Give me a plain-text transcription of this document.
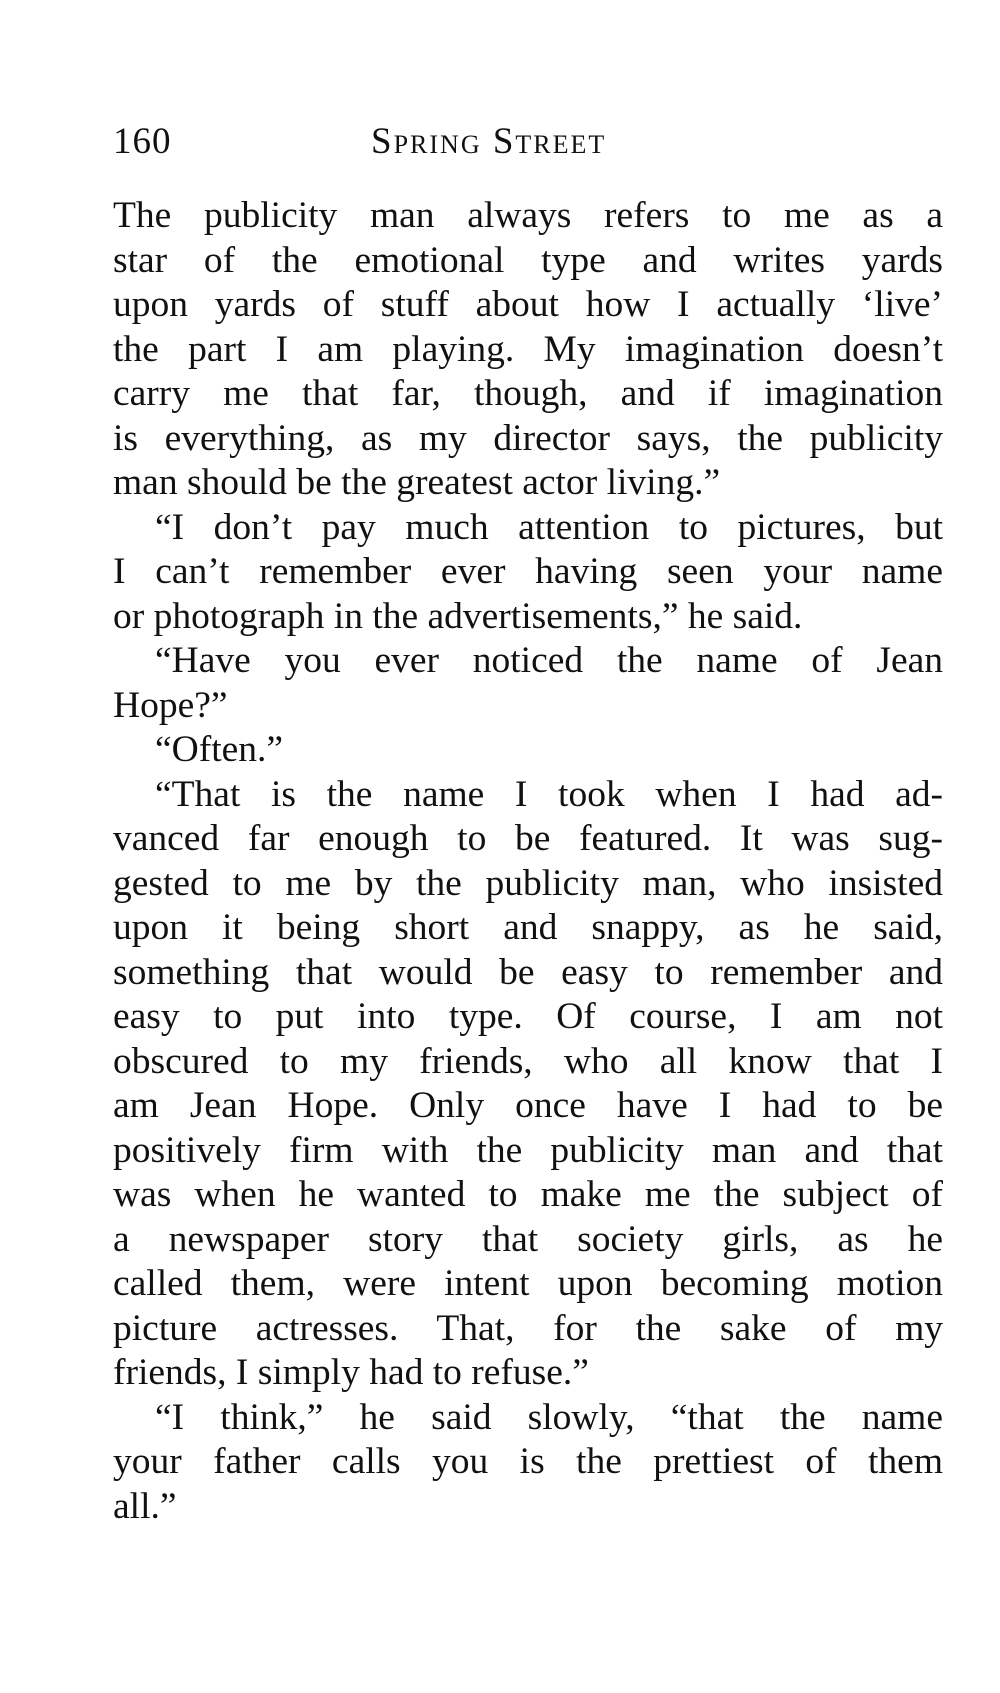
160	Spring Street
The publicity man always refers to me as a
star of the emotional type and writes yards
upon yards of stuff about how I actually ‘live’
the part I am playing. My imagination doesn’t
carry me that far, though, and if imagination
is everything, as my director says, the publicity
man should be the greatest actor living.”
“I don’t pay much attention to pictures, but
I can’t remember ever having seen your name
or photograph in the advertisements,” he said.
“Have you ever noticed the name of Jean
Hope?”
“Often.”
“That is the name I took when I had ad-
vanced far enough to be featured. It was sug-
gested to me by the publicity man, who insisted
upon it being short and snappy, as he said,
something that would be easy to remember and
easy to put into type. Of course, I am not
obscured to my friends, who all know that I
am Jean Hope. Only once have I had to be
positively firm with the publicity man and that
was when he wanted to make me the subject of
a newspaper story that society girls, as he
called them, were intent upon becoming motion
picture actresses. That, for the sake of my
friends, I simply had to refuse.”
“I think,” he said slowly, “that the name
your father calls you is the prettiest of them
all.”
